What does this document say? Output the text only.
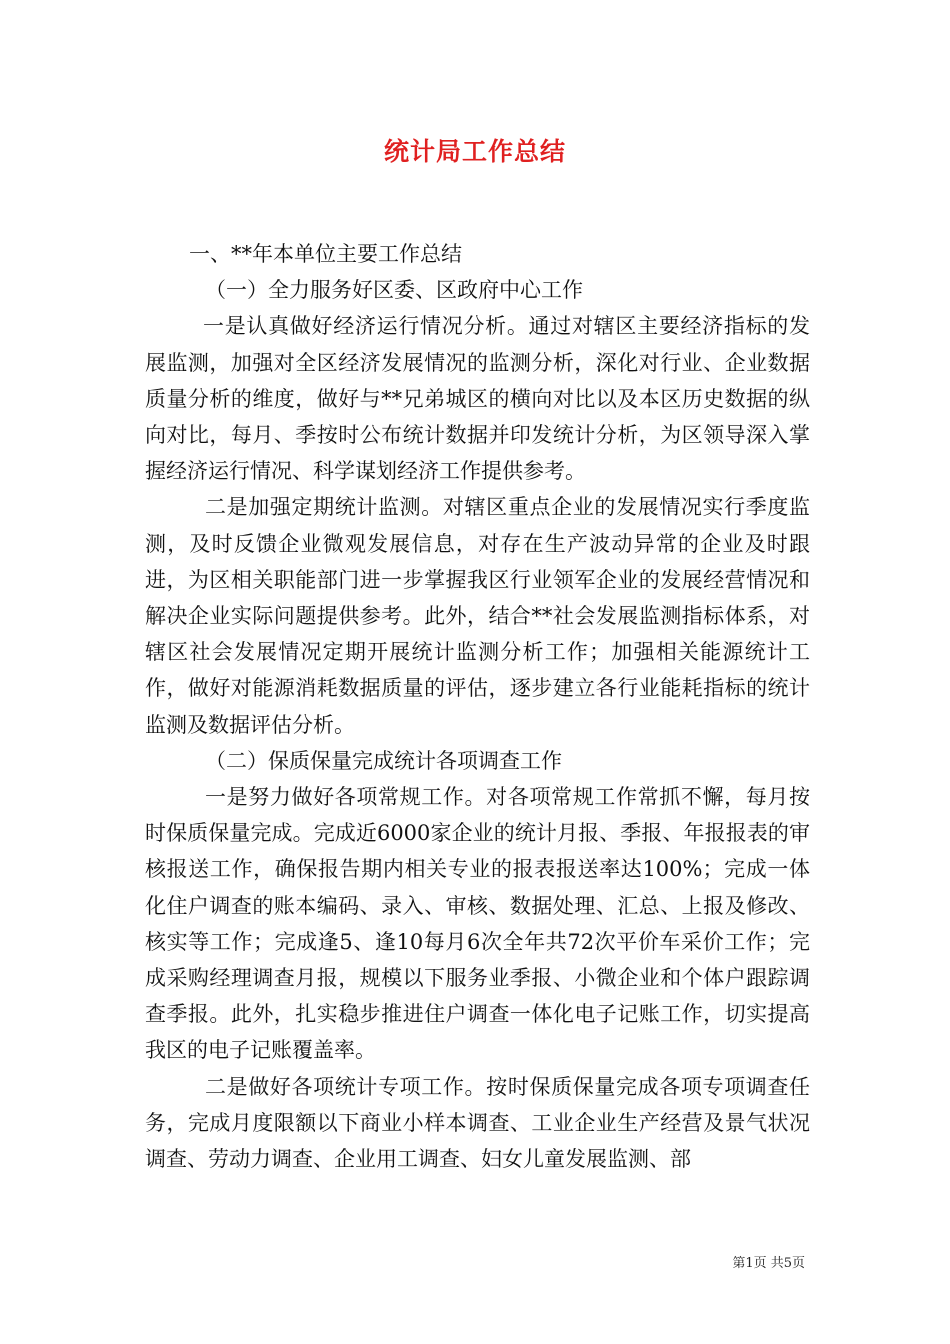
统计局工作总结

一、**年本单位主要工作总结

（一）全力服务好区委、区政府中心工作

一是认真做好经济运行情况分析。通过对辖区主要经济指标的发展监测，加强对全区经济发展情况的监测分析，深化对行业、企业数据质量分析的维度，做好与**兄弟城区的横向对比以及本区历史数据的纵向对比，每月、季按时公布统计数据并印发统计分析，为区领导深入掌握经济运行情况、科学谋划经济工作提供参考。

二是加强定期统计监测。对辖区重点企业的发展情况实行季度监测，及时反馈企业微观发展信息，对存在生产波动异常的企业及时跟进，为区相关职能部门进一步掌握我区行业领军企业的发展经营情况和解决企业实际问题提供参考。此外，结合**社会发展监测指标体系，对辖区社会发展情况定期开展统计监测分析工作；加强相关能源统计工作，做好对能源消耗数据质量的评估，逐步建立各行业能耗指标的统计监测及数据评估分析。

（二）保质保量完成统计各项调查工作

一是努力做好各项常规工作。对各项常规工作常抓不懈，每月按时保质保量完成。完成近6000家企业的统计月报、季报、年报报表的审核报送工作，确保报告期内相关专业的报表报送率达100%；完成一体化住户调查的账本编码、录入、审核、数据处理、汇总、上报及修改、核实等工作；完成逢5、逢10每月6次全年共72次平价车采价工作；完成采购经理调查月报，规模以下服务业季报、小微企业和个体户跟踪调查季报。此外，扎实稳步推进住户调查一体化电子记账工作，切实提高我区的电子记账覆盖率。

二是做好各项统计专项工作。按时保质保量完成各项专项调查任务，完成月度限额以下商业小样本调查、工业企业生产经营及景气状况调查、劳动力调查、企业用工调查、妇女儿童发展监测、部

第1页 共5页
